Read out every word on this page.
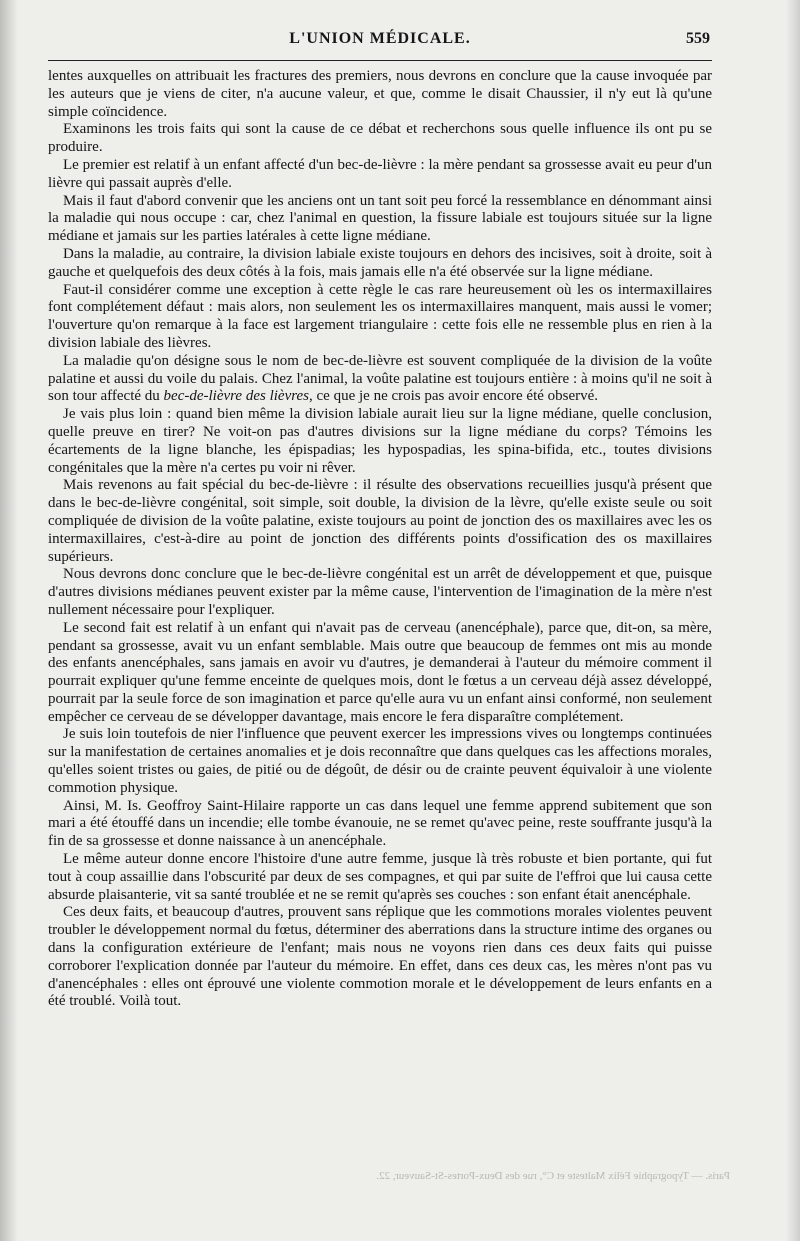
L'UNION MÉDICALE.	559

lentes auxquelles on attribuait les fractures des premiers, nous devrons en conclure que la cause invoquée par les auteurs que je viens de citer, n'a aucune valeur, et que, comme le disait Chaussier, il n'y eut là qu'une simple coïncidence.

Examinons les trois faits qui sont la cause de ce débat et recherchons sous quelle influence ils ont pu se produire.

Le premier est relatif à un enfant affecté d'un bec-de-lièvre : la mère pendant sa grossesse avait eu peur d'un lièvre qui passait auprès d'elle.

Mais il faut d'abord convenir que les anciens ont un tant soit peu forcé la ressemblance en dénommant ainsi la maladie qui nous occupe : car, chez l'animal en question, la fissure labiale est toujours située sur la ligne médiane et jamais sur les parties latérales à cette ligne médiane.

Dans la maladie, au contraire, la division labiale existe toujours en dehors des incisives, soit à droite, soit à gauche et quelquefois des deux côtés à la fois, mais jamais elle n'a été observée sur la ligne médiane.

Faut-il considérer comme une exception à cette règle le cas rare heureusement où les os intermaxillaires font complétement défaut : mais alors, non seulement les os intermaxillaires manquent, mais aussi le vomer; l'ouverture qu'on remarque à la face est largement triangulaire : cette fois elle ne ressemble plus en rien à la division labiale des lièvres.

La maladie qu'on désigne sous le nom de bec-de-lièvre est souvent compliquée de la division de la voûte palatine et aussi du voile du palais. Chez l'animal, la voûte palatine est toujours entière : à moins qu'il ne soit à son tour affecté du bec-de-lièvre des lièvres, ce que je ne crois pas avoir encore été observé.

Je vais plus loin : quand bien même la division labiale aurait lieu sur la ligne médiane, quelle conclusion, quelle preuve en tirer? Ne voit-on pas d'autres divisions sur la ligne médiane du corps? Témoins les écartements de la ligne blanche, les épispadias; les hypospadias, les spina-bifida, etc., toutes divisions congénitales que la mère n'a certes pu voir ni rêver.

Mais revenons au fait spécial du bec-de-lièvre : il résulte des observations recueillies jusqu'à présent que dans le bec-de-lièvre congénital, soit simple, soit double, la division de la lèvre, qu'elle existe seule ou soit compliquée de division de la voûte palatine, existe toujours au point de jonction des os maxillaires avec les os intermaxillaires, c'est-à-dire au point de jonction des différents points d'ossification des os maxillaires supérieurs.

Nous devrons donc conclure que le bec-de-lièvre congénital est un arrêt de développement et que, puisque d'autres divisions médianes peuvent exister par la même cause, l'intervention de l'imagination de la mère n'est nullement nécessaire pour l'expliquer.

Le second fait est relatif à un enfant qui n'avait pas de cerveau (anencéphale), parce que, dit-on, sa mère, pendant sa grossesse, avait vu un enfant semblable. Mais outre que beaucoup de femmes ont mis au monde des enfants anencéphales, sans jamais en avoir vu d'autres, je demanderai à l'auteur du mémoire comment il pourrait expliquer qu'une femme enceinte de quelques mois, dont le fœtus a un cerveau déjà assez développé, pourrait par la seule force de son imagination et parce qu'elle aura vu un enfant ainsi conformé, non seulement empêcher ce cerveau de se développer davantage, mais encore le fera disparaître complétement.

Je suis loin toutefois de nier l'influence que peuvent exercer les impressions vives ou longtemps continuées sur la manifestation de certaines anomalies et je dois reconnaître que dans quelques cas les affections morales, qu'elles soient tristes ou gaies, de pitié ou de dégoût, de désir ou de crainte peuvent équivaloir à une violente commotion physique.

Ainsi, M. Is. Geoffroy Saint-Hilaire rapporte un cas dans lequel une femme apprend subitement que son mari a été étouffé dans un incendie; elle tombe évanouie, ne se remet qu'avec peine, reste souffrante jusqu'à la fin de sa grossesse et donne naissance à un anencéphale.

Le même auteur donne encore l'histoire d'une autre femme, jusque là très robuste et bien portante, qui fut tout à coup assaillie dans l'obscurité par deux de ses compagnes, et qui par suite de l'effroi que lui causa cette absurde plaisanterie, vit sa santé troublée et ne se remit qu'après ses couches : son enfant était anencéphale.

Ces deux faits, et beaucoup d'autres, prouvent sans réplique que les commotions morales violentes peuvent troubler le développement normal du fœtus, déterminer des aberrations dans la structure intime des organes ou dans la configuration extérieure de l'enfant; mais nous ne voyons rien dans ces deux faits qui puisse corroborer l'explication donnée par l'auteur du mémoire. En effet, dans ces deux cas, les mères n'ont pas vu d'anencéphales : elles ont éprouvé une violente commotion morale et le développement de leurs enfants en a été troublé. Voilà tout.

Paris. — Typographie Félix Malteste et C°, rue des Deux-Portes-St-Sauveur, 22.
